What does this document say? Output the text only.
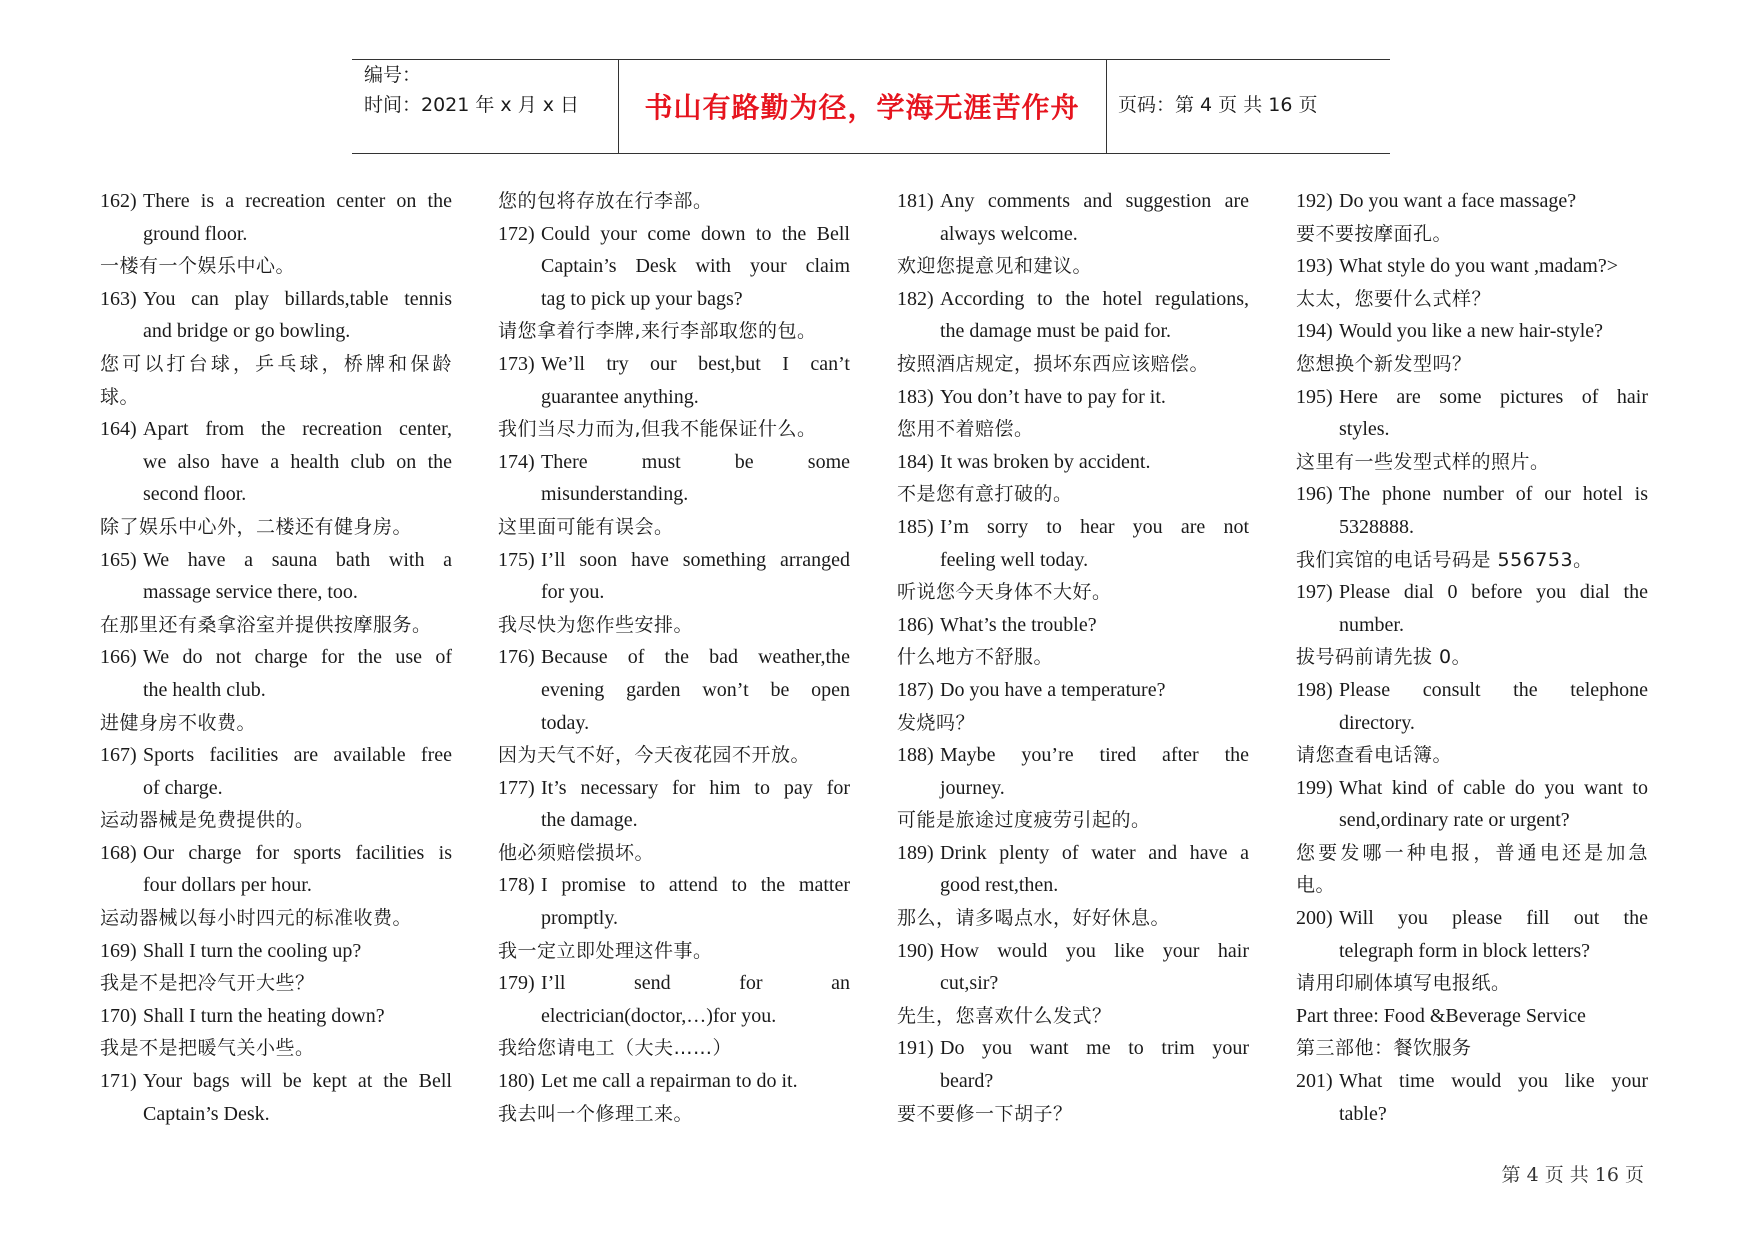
编号：
时间：2021 年 x 月 x 日	书山有路勤为径，学海无涯苦作舟	页码：第 4 页 共 16 页
162) There is a recreation center on the
ground floor.
一楼有一个娱乐中心。
163) You can play billards,table tennis
and bridge or go bowling.
您可以打台球，乒乓球，桥牌和保龄
球。
164) Apart from the recreation center,
we also have a health club on the
second floor.
除了娱乐中心外，二楼还有健身房。
165) We have a sauna bath with a
massage service there, too.
在那里还有桑拿浴室并提供按摩服务。
166) We do not charge for the use of
the health club.
进健身房不收费。
167) Sports facilities are available free
of charge.
运动器械是免费提供的。
168) Our charge for sports facilities is
four dollars per hour.
运动器械以每小时四元的标准收费。
169) Shall I turn the cooling up?
我是不是把冷气开大些？
170) Shall I turn the heating down?
我是不是把暖气关小些。
171) Your bags will be kept at the Bell
Captain’s Desk.
您的包将存放在行李部。
172) Could your come down to the Bell
Captain’s Desk with your claim
tag to pick up your bags?
请您拿着行李牌,来行李部取您的包。
173) We’ll try our best,but I can’t
guarantee anything.
我们当尽力而为,但我不能保证什么。
174) There must be some
misunderstanding.
这里面可能有误会。
175) I’ll soon have something arranged
for you.
我尽快为您作些安排。
176) Because of the bad weather,the
evening garden won’t be open
today.
因为天气不好，今天夜花园不开放。
177) It’s necessary for him to pay for
the damage.
他必须赔偿损坏。
178) I promise to attend to the matter
promptly.
我一定立即处理这件事。
179) I’ll send for an
electrician(doctor,…)for you.
我给您请电工（大夫……）
180) Let me call a repairman to do it.
我去叫一个修理工来。
181) Any comments and suggestion are
always welcome.
欢迎您提意见和建议。
182) According to the hotel regulations,
the damage must be paid for.
按照酒店规定，损坏东西应该赔偿。
183) You don’t have to pay for it.
您用不着赔偿。
184) It was broken by accident.
不是您有意打破的。
185) I’m sorry to hear you are not
feeling well today.
听说您今天身体不大好。
186) What’s the trouble?
什么地方不舒服。
187) Do you have a temperature?
发烧吗？
188) Maybe you’re tired after the
journey.
可能是旅途过度疲劳引起的。
189) Drink plenty of water and have a
good rest,then.
那么，请多喝点水，好好休息。
190) How would you like your hair
cut,sir?
先生，您喜欢什么发式？
191) Do you want me to trim your
beard?
要不要修一下胡子？
192) Do you want a face massage?
要不要按摩面孔。
193) What style do you want ,madam?>
太太，您要什么式样？
194) Would you like a new hair-style?
您想换个新发型吗？
195) Here are some pictures of hair
styles.
这里有一些发型式样的照片。
196) The phone number of our hotel is
5328888.
我们宾馆的电话号码是 556753。
197) Please dial 0 before you dial the
number.
拔号码前请先拔 0。
198) Please consult the telephone
directory.
请您查看电话簿。
199) What kind of cable do you want to
send,ordinary rate or urgent?
您要发哪一种电报，普通电还是加急
电。
200) Will you please fill out the
telegraph form in block letters?
请用印刷体填写电报纸。
Part three: Food &Beverage Service
第三部他：餐饮服务
201) What time would you like your
table?
第 4 页 共 16 页
